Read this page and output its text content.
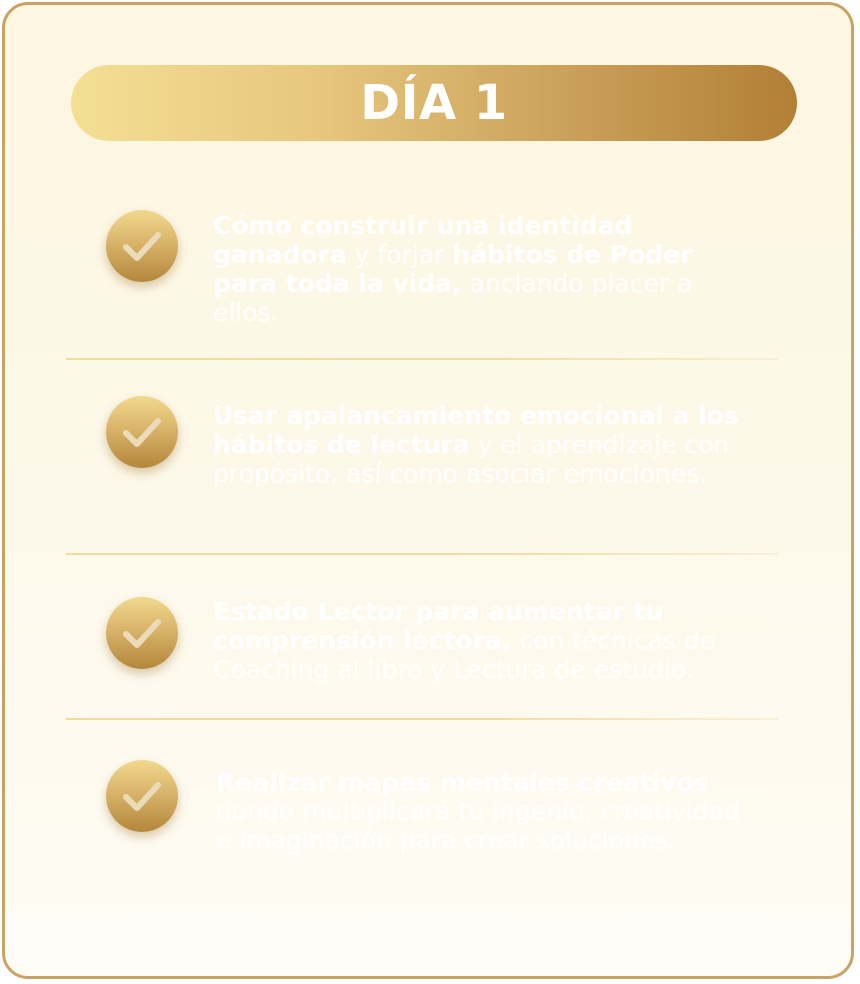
DÍA 1
Cómo construir una identidad ganadora y forjar hábitos de Poder para toda la vida, anclando placer a ellos.
Usar apalancamiento emocional a los hábitos de lectura y el aprendizaje con propósito, así como asociar emociones.
Estado Lector para aumentar tu comprensión lectora, con técnicas de Coaching al libro y Lectura de estudio.
Realizar mapas mentales creativos donde multiplicará tu ingenio, creatividad e imaginación para crear soluciones.
